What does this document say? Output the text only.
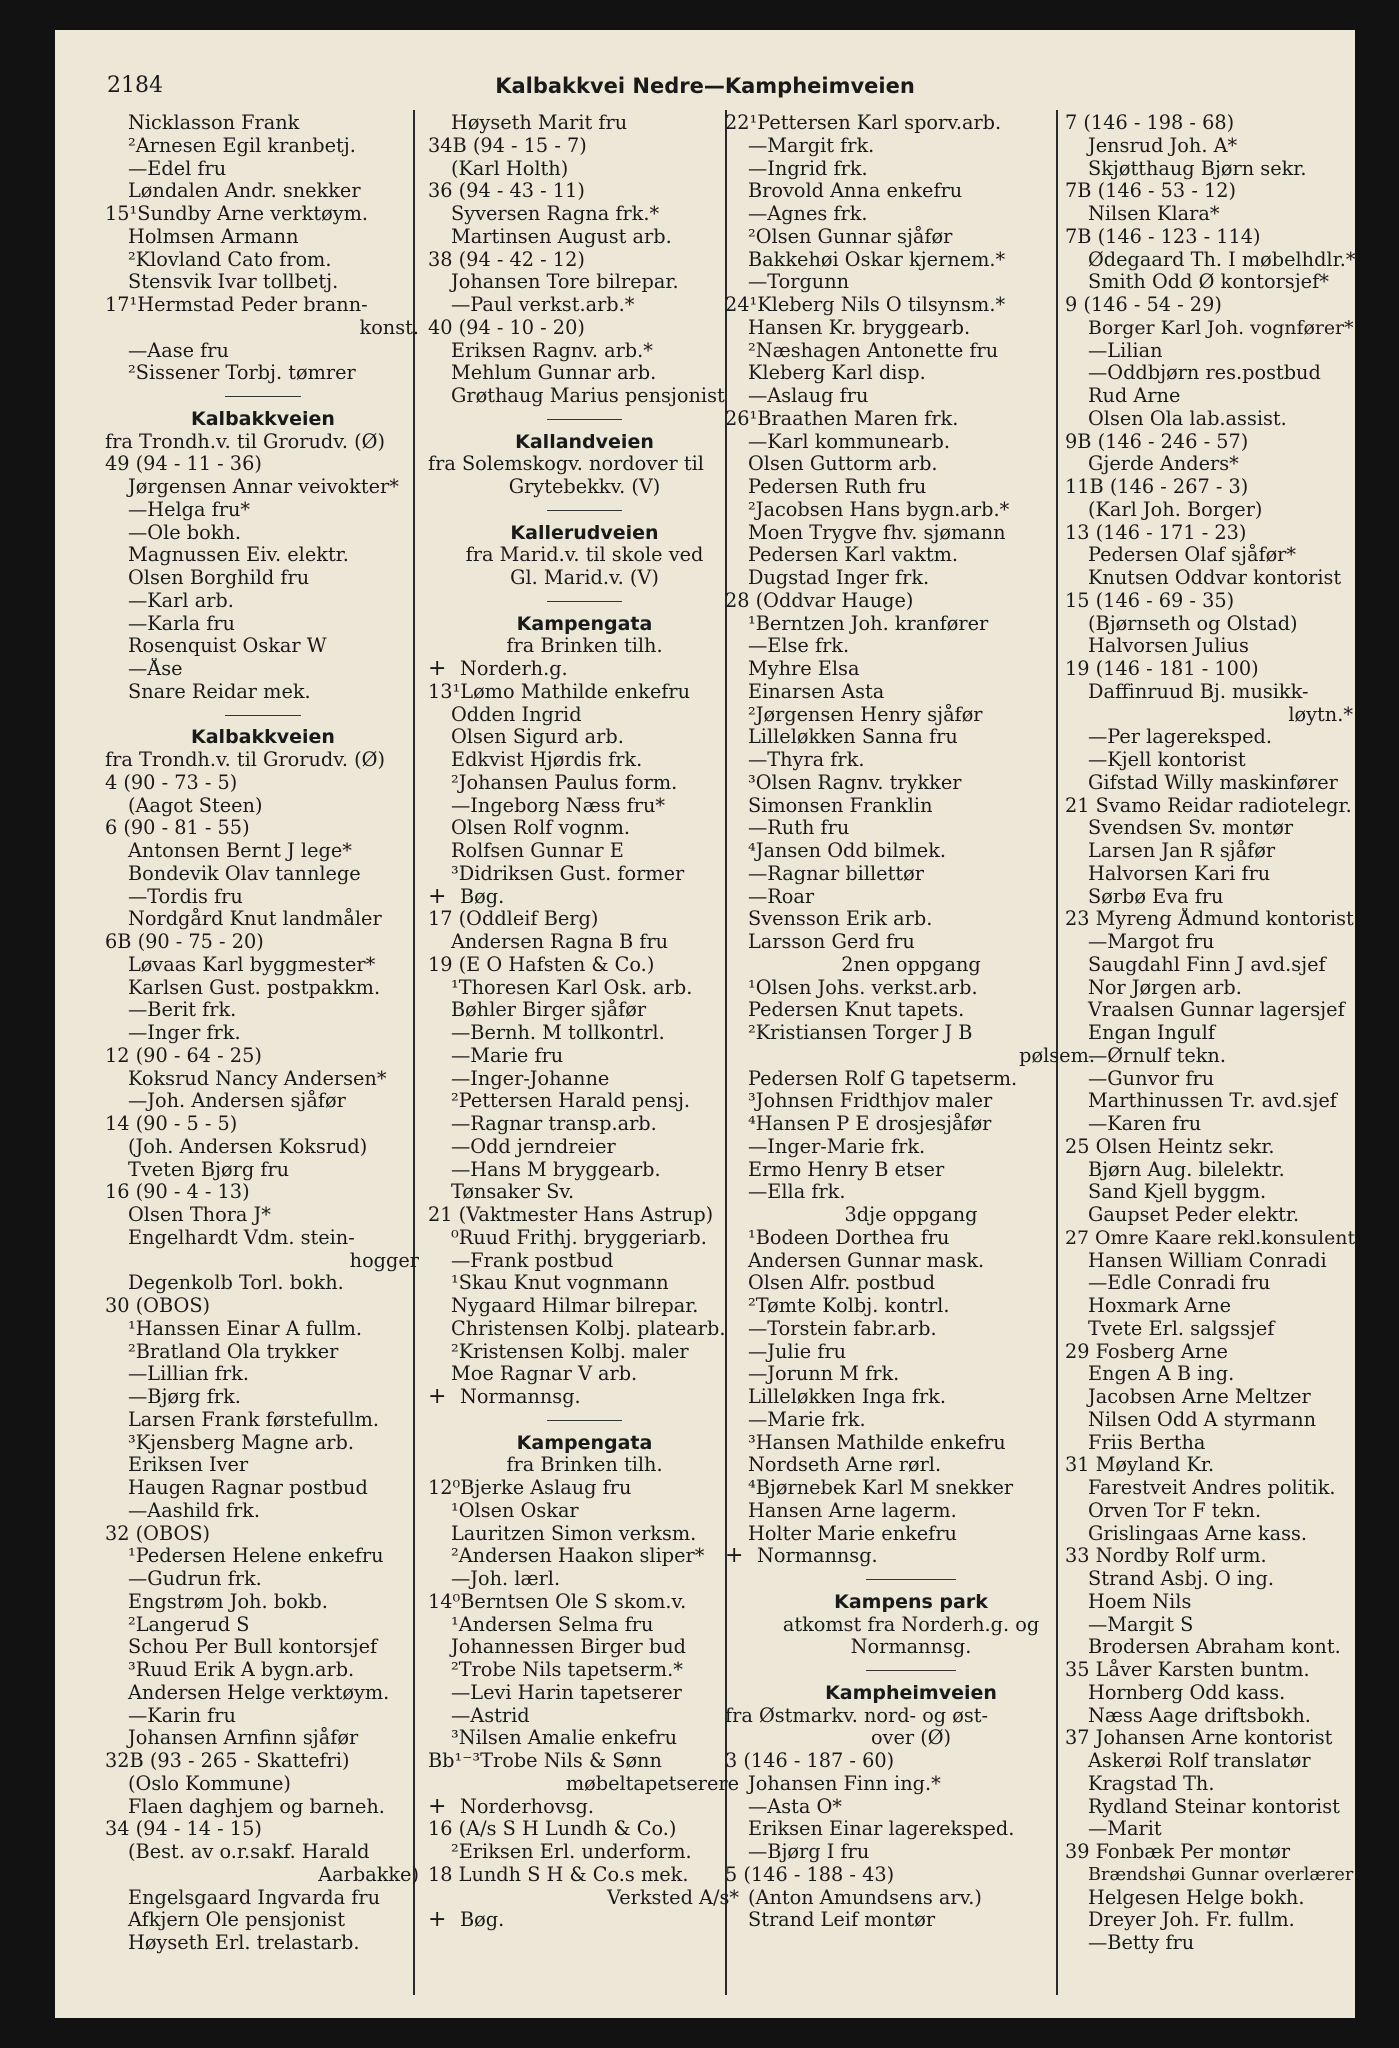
2184	Kalbakkvei Nedre—Kampheimveien
Nicklasson Frank
²Arnesen Egil kranbetj.
—Edel fru
Løndalen Andr. snekker
15¹Sundby Arne verktøym.
Holmsen Armann
²Klovland Cato from.
Stensvik Ivar tollbetj.
17¹Hermstad Peder brann-
konst.
—Aase fru
²Sissener Torbj. tømrer
Kalbakkveien
fra Trondh.v. til Grorudv. (Ø)
49 (94 - 11 - 36)
Jørgensen Annar veivokter*
—Helga fru*
—Ole bokh.
Magnussen Eiv. elektr.
Olsen Borghild fru
—Karl arb.
—Karla fru
Rosenquist Oskar W
—Åse
Snare Reidar mek.
Kalbakkveien
fra Trondh.v. til Grorudv. (Ø)
4 (90 - 73 - 5)
(Aagot Steen)
6 (90 - 81 - 55)
Antonsen Bernt J lege*
Bondevik Olav tannlege
—Tordis fru
Nordgård Knut landmåler
6B (90 - 75 - 20)
Løvaas Karl byggmester*
Karlsen Gust. postpakkm.
—Berit frk.
—Inger frk.
12 (90 - 64 - 25)
Koksrud Nancy Andersen*
—Joh. Andersen sjåfør
14 (90 - 5 - 5)
(Joh. Andersen Koksrud)
Tveten Bjørg fru
16 (90 - 4 - 13)
Olsen Thora J*
Engelhardt Vdm. stein-
hogger
Degenkolb Torl. bokh.
30 (OBOS)
¹Hanssen Einar A fullm.
²Bratland Ola trykker
—Lillian frk.
—Bjørg frk.
Larsen Frank førstefullm.
³Kjensberg Magne arb.
Eriksen Iver
Haugen Ragnar postbud
—Aashild frk.
32 (OBOS)
¹Pedersen Helene enkefru
—Gudrun frk.
Engstrøm Joh. bokb.
²Langerud S
Schou Per Bull kontorsjef
³Ruud Erik A bygn.arb.
Andersen Helge verktøym.
—Karin fru
Johansen Arnfinn sjåfør
32B (93 - 265 - Skattefri)
(Oslo Kommune)
Flaen daghjem og barneh.
34 (94 - 14 - 15)
(Best. av o.r.sakf. Harald
Aarbakke)
Engelsgaard Ingvarda fru
Afkjern Ole pensjonist
Høyseth Erl. trelastarb.
Høyseth Marit fru
34B (94 - 15 - 7)
(Karl Holth)
36 (94 - 43 - 11)
Syversen Ragna frk.*
Martinsen August arb.
38 (94 - 42 - 12)
Johansen Tore bilrepar.
—Paul verkst.arb.*
40 (94 - 10 - 20)
Eriksen Ragnv. arb.*
Mehlum Gunnar arb.
Grøthaug Marius pensjonist
Kallandveien
fra Solemskogv. nordover til
Grytebekkv. (V)
Kallerudveien
fra Marid.v. til skole ved
Gl. Marid.v. (V)
Kampengata
fra Brinken tilh.
+ Norderh.g.
13¹Lømo Mathilde enkefru
Odden Ingrid
Olsen Sigurd arb.
Edkvist Hjørdis frk.
²Johansen Paulus form.
—Ingeborg Næss fru*
Olsen Rolf vognm.
Rolfsen Gunnar E
³Didriksen Gust. former
+ Bøg.
17 (Oddleif Berg)
Andersen Ragna B fru
19 (E O Hafsten & Co.)
¹Thoresen Karl Osk. arb.
Bøhler Birger sjåfør
—Bernh. M tollkontrl.
—Marie fru
—Inger-Johanne
²Pettersen Harald pensj.
—Ragnar transp.arb.
—Odd jerndreier
—Hans M bryggearb.
Tønsaker Sv.
21 (Vaktmester Hans Astrup)
⁰Ruud Frithj. bryggeriarb.
—Frank postbud
¹Skau Knut vognmann
Nygaard Hilmar bilrepar.
Christensen Kolbj. platearb.
²Kristensen Kolbj. maler
Moe Ragnar V arb.
+ Normannsg.
Kampengata
fra Brinken tilh.
12⁰Bjerke Aslaug fru
¹Olsen Oskar
Lauritzen Simon verksm.
²Andersen Haakon sliper*
—Joh. lærl.
14⁰Berntsen Ole S skom.v.
¹Andersen Selma fru
Johannessen Birger bud
²Trobe Nils tapetserm.*
—Levi Harin tapetserer
—Astrid
³Nilsen Amalie enkefru
Bb¹⁻³Trobe Nils & Sønn
møbeltapetserere
+ Norderhovsg.
16 (A/s S H Lundh & Co.)
²Eriksen Erl. underform.
18 Lundh S H & Co.s mek.
Verksted A/s*
+ Bøg.
22¹Pettersen Karl sporv.arb.
—Margit frk.
—Ingrid frk.
Brovold Anna enkefru
—Agnes frk.
²Olsen Gunnar sjåfør
Bakkehøi Oskar kjernem.*
—Torgunn
24¹Kleberg Nils O tilsynsm.*
Hansen Kr. bryggearb.
²Næshagen Antonette fru
Kleberg Karl disp.
—Aslaug fru
26¹Braathen Maren frk.
—Karl kommunearb.
Olsen Guttorm arb.
Pedersen Ruth fru
²Jacobsen Hans bygn.arb.*
Moen Trygve fhv. sjømann
Pedersen Karl vaktm.
Dugstad Inger frk.
28 (Oddvar Hauge)
¹Berntzen Joh. kranfører
—Else frk.
Myhre Elsa
Einarsen Asta
²Jørgensen Henry sjåfør
Lilleløkken Sanna fru
—Thyra frk.
³Olsen Ragnv. trykker
Simonsen Franklin
—Ruth fru
⁴Jansen Odd bilmek.
—Ragnar billettør
—Roar
Svensson Erik arb.
Larsson Gerd fru
2nen oppgang
¹Olsen Johs. verkst.arb.
Pedersen Knut tapets.
²Kristiansen Torger J B
pølsem.
Pedersen Rolf G tapetserm.
³Johnsen Fridthjov maler
⁴Hansen P E drosjesjåfør
—Inger-Marie frk.
Ermo Henry B etser
—Ella frk.
3dje oppgang
¹Bodeen Dorthea fru
Andersen Gunnar mask.
Olsen Alfr. postbud
²Tømte Kolbj. kontrl.
—Torstein fabr.arb.
—Julie fru
—Jorunn M frk.
Lilleløkken Inga frk.
—Marie frk.
³Hansen Mathilde enkefru
Nordseth Arne rørl.
⁴Bjørnebek Karl M snekker
Hansen Arne lagerm.
Holter Marie enkefru
+ Normannsg.
Kampens park
atkomst fra Norderh.g. og
Normannsg.
Kampheimveien
fra Østmarkv. nord- og øst-
over (Ø)
3 (146 - 187 - 60)
Johansen Finn ing.*
—Asta O*
Eriksen Einar lagereksped.
—Bjørg I fru
5 (146 - 188 - 43)
(Anton Amundsens arv.)
Strand Leif montør
7 (146 - 198 - 68)
Jensrud Joh. A*
Skjøtthaug Bjørn sekr.
7B (146 - 53 - 12)
Nilsen Klara*
7B (146 - 123 - 114)
Ødegaard Th. I møbelhdlr.*
Smith Odd Ø kontorsjef*
9 (146 - 54 - 29)
Borger Karl Joh. vognfører*
—Lilian
—Oddbjørn res.postbud
Rud Arne
Olsen Ola lab.assist.
9B (146 - 246 - 57)
Gjerde Anders*
11B (146 - 267 - 3)
(Karl Joh. Borger)
13 (146 - 171 - 23)
Pedersen Olaf sjåfør*
Knutsen Oddvar kontorist
15 (146 - 69 - 35)
(Bjørnseth og Olstad)
Halvorsen Julius
19 (146 - 181 - 100)
Daffinruud Bj. musikk-
løytn.*
—Per lagereksped.
—Kjell kontorist
Gifstad Willy maskinfører
21 Svamo Reidar radiotelegr.
Svendsen Sv. montør
Larsen Jan R sjåfør
Halvorsen Kari fru
Sørbø Eva fru
23 Myreng Ådmund kontorist
—Margot fru
Saugdahl Finn J avd.sjef
Nor Jørgen arb.
Vraalsen Gunnar lagersjef
Engan Ingulf
—Ørnulf tekn.
—Gunvor fru
Marthinussen Tr. avd.sjef
—Karen fru
25 Olsen Heintz sekr.
Bjørn Aug. bilelektr.
Sand Kjell byggm.
Gaupset Peder elektr.
27 Omre Kaare rekl.konsulent
Hansen William Conradi
—Edle Conradi fru
Hoxmark Arne
Tvete Erl. salgssjef
29 Fosberg Arne
Engen A B ing.
Jacobsen Arne Meltzer
Nilsen Odd A styrmann
Friis Bertha
31 Møyland Kr.
Farestveit Andres politik.
Orven Tor F tekn.
Grislingaas Arne kass.
33 Nordby Rolf urm.
Strand Asbj. O ing.
Hoem Nils
—Margit S
Brodersen Abraham kont.
35 Låver Karsten buntm.
Hornberg Odd kass.
Næss Aage driftsbokh.
37 Johansen Arne kontorist
Askerøi Rolf translatør
Kragstad Th.
Rydland Steinar kontorist
—Marit
39 Fonbæk Per montør
Brændshøi Gunnar overlærer
Helgesen Helge bokh.
Dreyer Joh. Fr. fullm.
—Betty fru
